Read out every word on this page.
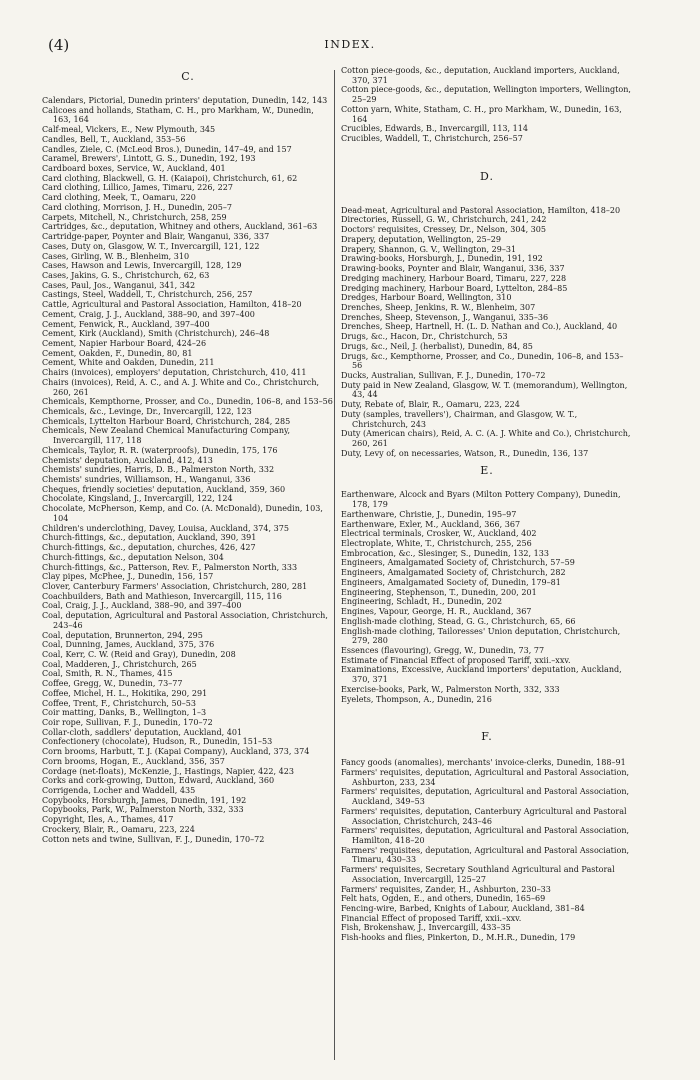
(4)	INDEX.

C.

Calendars, Pictorial, Dunedin printers' deputation, Dunedin, 142, 143

Calicoes and hollands, Statham, C. H., pro Markham, W., Dunedin, 163, 164

Calf-meal, Vickers, E., New Plymouth, 345

Candles, Bell, T., Auckland, 353–56

Candles, Ziele, C. (McLeod Bros.), Dunedin, 147–49, and 157

Caramel, Brewers', Lintott, G. S., Dunedin, 192, 193

Cardboard boxes, Service, W., Auckland, 401

Card clothing, Blackwell, G. H. (Kaiapoi), Christchurch, 61, 62

Card clothing, Lillico, James, Timaru, 226, 227

Card clothing, Meek, T., Oamaru, 220

Card clothing, Morrison, J. H., Dunedin, 205–7

Carpets, Mitchell, N., Christchurch, 258, 259

Cartridges, &c., deputation, Whitney and others, Auckland, 361–63

Cartridge-paper, Poynter and Blair, Wanganui, 336, 337

Cases, Duty on, Glasgow, W. T., Invercargill, 121, 122

Cases, Girling, W. B., Blenheim, 310

Cases, Hawson and Lewis, Invercargill, 128, 129

Cases, Jakins, G. S., Christchurch, 62, 63

Cases, Paul, Jos., Wanganui, 341, 342

Castings, Steel, Waddell, T., Christchurch, 256, 257

Cattle, Agricultural and Pastoral Association, Hamilton, 418–20

Cement, Craig, J. J., Auckland, 388–90, and 397–400

Cement, Fenwick, R., Auckland, 397–400

Cement, Kirk (Auckland), Smith (Christchurch), 246–48

Cement, Napier Harbour Board, 424–26

Cement, Oakden, F., Dunedin, 80, 81

Cement, White and Oakden, Dunedin, 211

Chairs (invoices), employers' deputation, Christchurch, 410, 411

Chairs (invoices), Reid, A. C., and A. J. White and Co., Christchurch, 260, 261

Chemicals, Kempthorne, Prosser, and Co., Dunedin, 106–8, and 153–56

Chemicals, &c., Levinge, Dr., Invercargill, 122, 123

Chemicals, Lyttelton Harbour Board, Christchurch, 284, 285

Chemicals, New Zealand Chemical Manufacturing Company, Invercargill, 117, 118

Chemicals, Taylor, R. R. (waterproofs), Dunedin, 175, 176

Chemists' deputation, Auckland, 412, 413

Chemists' sundries, Harris, D. B., Palmerston North, 332

Chemists' sundries, Williamson, H., Wanganui, 336

Cheques, friendly societies' deputation, Auckland, 359, 360

Chocolate, Kingsland, J., Invercargill, 122, 124

Chocolate, McPherson, Kemp, and Co. (A. McDonald), Dunedin, 103, 104

Children's underclothing, Davey, Louisa, Auckland, 374, 375

Church-fittings, &c., deputation, Auckland, 390, 391

Church-fittings, &c., deputation, churches, 426, 427

Church-fittings, &c., deputation Nelson, 304

Church-fittings, &c., Patterson, Rev. F., Palmerston North, 333

Clay pipes, McPhee, J., Dunedin, 156, 157

Clover, Canterbury Farmers' Association, Christchurch, 280, 281

Coachbuilders, Bath and Mathieson, Invercargill, 115, 116

Coal, Craig, J. J., Auckland, 388–90, and 397–400

Coal, deputation, Agricultural and Pastoral Association, Christchurch, 243–46

Coal, deputation, Brunnerton, 294, 295

Coal, Dunning, James, Auckland, 375, 376

Coal, Kerr, C. W. (Reid and Gray), Dunedin, 208

Coal, Madderen, J., Christchurch, 265

Coal, Smith, R. N., Thames, 415

Coffee, Gregg, W., Dunedin, 73–77

Coffee, Michel, H. L., Hokitika, 290, 291

Coffee, Trent, F., Christchurch, 50–53

Coir matting, Danks, B., Wellington, 1–3

Coir rope, Sullivan, F. J., Dunedin, 170–72

Collar-cloth, saddlers' deputation, Auckland, 401

Confectionery (chocolate), Hudson, R., Dunedin, 151–53

Corn brooms, Harbutt, T. J. (Kapai Company), Auckland, 373, 374

Corn brooms, Hogan, E., Auckland, 356, 357

Cordage (net-floats), McKenzie, J., Hastings, Napier, 422, 423

Corks and cork-growing, Dutton, Edward, Auckland, 360

Corrigenda, Locher and Waddell, 435

Copybooks, Horsburgh, James, Dunedin, 191, 192

Copybooks, Park, W., Palmerston North, 332, 333

Copyright, Iles, A., Thames, 417

Crockery, Blair, R., Oamaru, 223, 224

Cotton nets and twine, Sullivan, F. J., Dunedin, 170–72

Cotton piece-goods, &c., deputation, Auckland importers, Auckland, 370, 371

Cotton piece-goods, &c., deputation, Wellington importers, Wellington, 25–29

Cotton yarn, White, Statham, C. H., pro Markham, W., Dunedin, 163, 164

Crucibles, Edwards, B., Invercargill, 113, 114

Crucibles, Waddell, T., Christchurch, 256–57

D.

Dead-meat, Agricultural and Pastoral Association, Hamilton, 418–20

Directories, Russell, G. W., Christchurch, 241, 242

Doctors' requisites, Cressey, Dr., Nelson, 304, 305

Drapery, deputation, Wellington, 25–29

Drapery, Shannon, G. V., Wellington, 29–31

Drawing-books, Horsburgh, J., Dunedin, 191, 192

Drawing-books, Poynter and Blair, Wanganui, 336, 337

Dredging machinery, Harbour Board, Timaru, 227, 228

Dredging machinery, Harbour Board, Lyttelton, 284–85

Dredges, Harbour Board, Wellington, 310

Drenches, Sheep, Jenkins, R. W., Blenheim, 307

Drenches, Sheep, Stevenson, J., Wanganui, 335–36

Drenches, Sheep, Hartnell, H. (L. D. Nathan and Co.), Auckland, 40

Drugs, &c., Hacon, Dr., Christchurch, 53

Drugs, &c., Neil, J. (herbalist), Dunedin, 84, 85

Drugs, &c., Kempthorne, Prosser, and Co., Dunedin, 106–8, and 153–56

Ducks, Australian, Sullivan, F. J., Dunedin, 170–72

Duty paid in New Zealand, Glasgow, W. T. (memorandum), Wellington, 43, 44

Duty, Rebate of, Blair, R., Oamaru, 223, 224

Duty (samples, travellers'), Chairman, and Glasgow, W. T., Christchurch, 243

Duty (American chairs), Reid, A. C. (A. J. White and Co.), Christchurch, 260, 261

Duty, Levy of, on necessaries, Watson, R., Dunedin, 136, 137

E.

Earthenware, Alcock and Byars (Milton Pottery Company), Dunedin, 178, 179

Earthenware, Christie, J., Dunedin, 195–97

Earthenware, Exler, M., Auckland, 366, 367

Electrical terminals, Crosker, W., Auckland, 402

Electroplate, White, T., Christchurch, 255, 256

Embrocation, &c., Slesinger, S., Dunedin, 132, 133

Engineers, Amalgamated Society of, Christchurch, 57–59

Engineers, Amalgamated Society of, Christchurch, 282

Engineers, Amalgamated Society of, Dunedin, 179–81

Engineering, Stephenson, T., Dunedin, 200, 201

Engineering, Schladt, H., Dunedin, 202

Engines, Vapour, George, H. R., Auckland, 367

English-made clothing, Stead, G. G., Christchurch, 65, 66

English-made clothing, Tailoresses' Union deputation, Christchurch, 279, 280

Essences (flavouring), Gregg, W., Dunedin, 73, 77

Estimate of Financial Effect of proposed Tariff, xxii.–xxv.

Examinations, Excessive, Auckland importers' deputation, Auckland, 370, 371

Exercise-books, Park, W., Palmerston North, 332, 333

Eyelets, Thompson, A., Dunedin, 216

F.

Fancy goods (anomalies), merchants' invoice-clerks, Dunedin, 188–91

Farmers' requisites, deputation, Agricultural and Pastoral Association, Ashburton, 233, 234

Farmers' requisites, deputation, Agricultural and Pastoral Association, Auckland, 349–53

Farmers' requisites, deputation, Canterbury Agricultural and Pastoral Association, Christchurch, 243–46

Farmers' requisites, deputation, Agricultural and Pastoral Association, Hamilton, 418–20

Farmers' requisites, deputation, Agricultural and Pastoral Association, Timaru, 430–33

Farmers' requisites, Secretary Southland Agricultural and Pastoral Association, Invercargill, 125–27

Farmers' requisites, Zander, H., Ashburton, 230–33

Felt hats, Ogden, E., and others, Dunedin, 165–69

Fencing-wire, Barbed, Knights of Labour, Auckland, 381–84

Financial Effect of proposed Tariff, xxii.–xxv.

Fish, Brokenshaw, J., Invercargill, 433–35

Fish-hooks and flies, Pinkerton, D., M.H.R., Dunedin, 179
